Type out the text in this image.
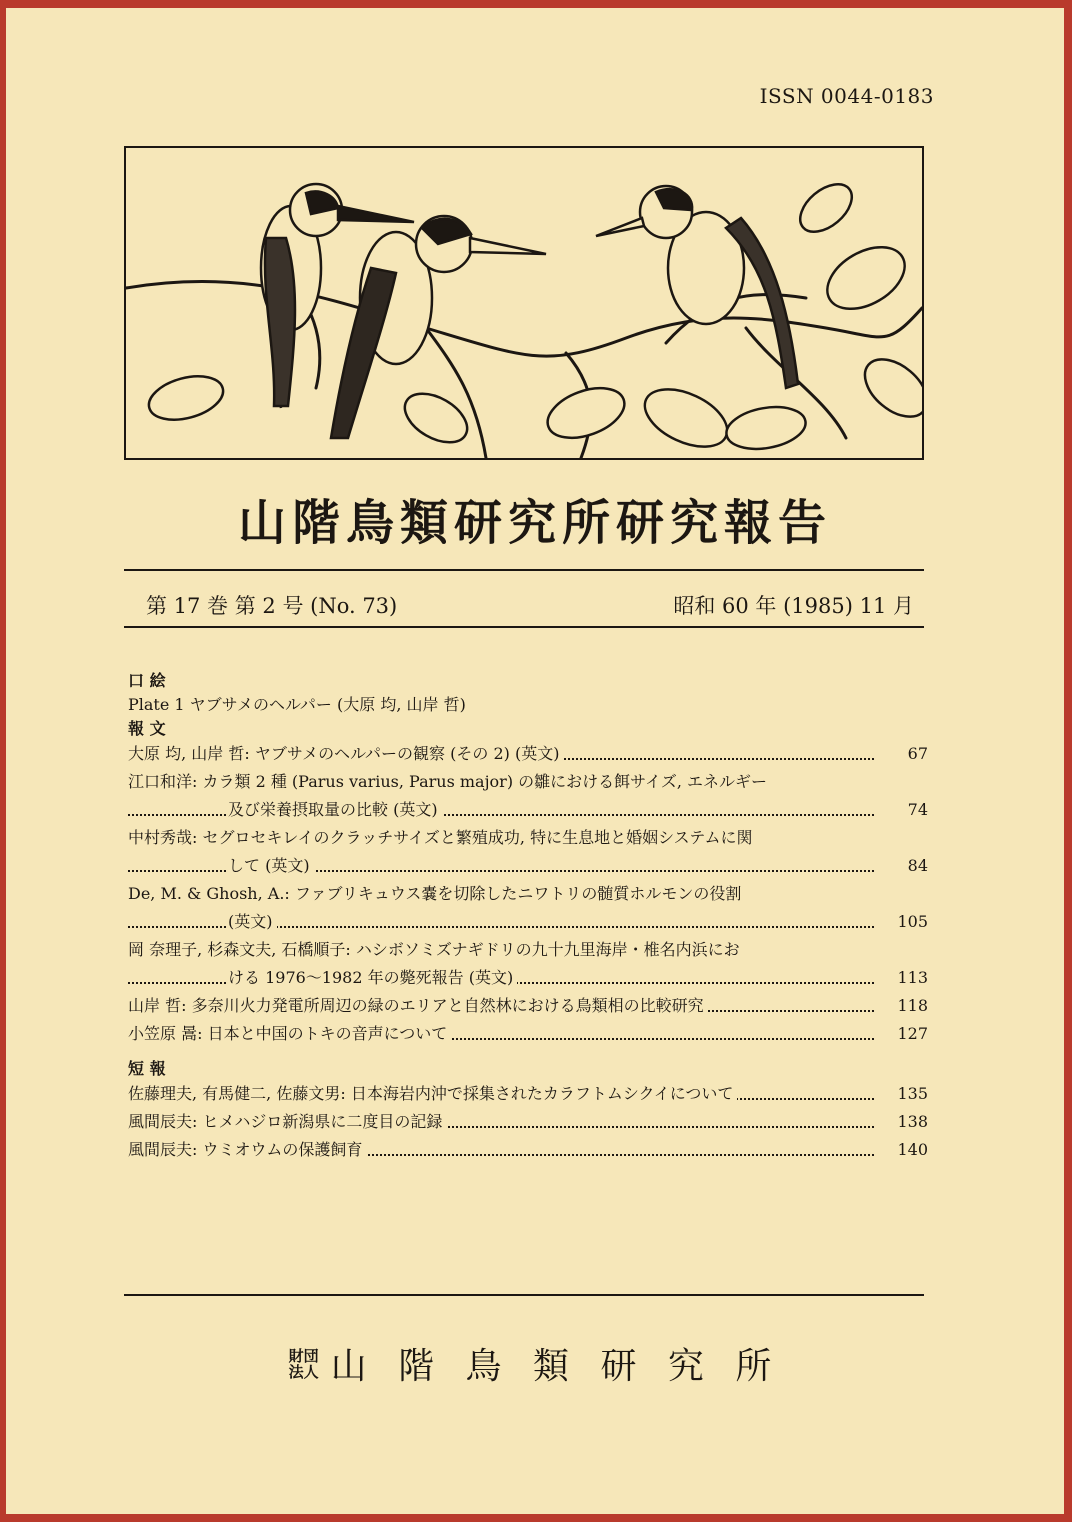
ISSN 0044-0183
山階鳥類研究所研究報告
第 17 巻 第 2 号 (No. 73)	昭和 60 年 (1985) 11 月
口 絵
Plate 1 ヤブサメのヘルパー (大原 均, 山岸 哲)
報 文
大原 均, 山岸 哲: ヤブサメのヘルパーの観察 (その 2) (英文)	67
江口和洋: カラ類 2 種 (Parus varius, Parus major) の雛における餌サイズ, エネルギー
及び栄養摂取量の比較 (英文)	74
中村秀哉: セグロセキレイのクラッチサイズと繁殖成功, 特に生息地と婚姻システムに関
して (英文)	84
De, M. & Ghosh, A.: ファブリキュウス嚢を切除したニワトリの髄質ホルモンの役割
(英文)	105
岡 奈理子, 杉森文夫, 石橋順子: ハシボソミズナギドリの九十九里海岸・椎名内浜にお
ける 1976～1982 年の斃死報告 (英文)	113
山岸 哲: 多奈川火力発電所周辺の緑のエリアと自然林における鳥類相の比較研究	118
小笠原 暠: 日本と中国のトキの音声について	127
短 報
佐藤理夫, 有馬健二, 佐藤文男: 日本海岩内沖で採集されたカラフトムシクイについて	135
風間辰夫: ヒメハジロ新潟県に二度目の記録	138
風間辰夫: ウミオウムの保護飼育	140
財団
法人 山 階 鳥 類 研 究 所
